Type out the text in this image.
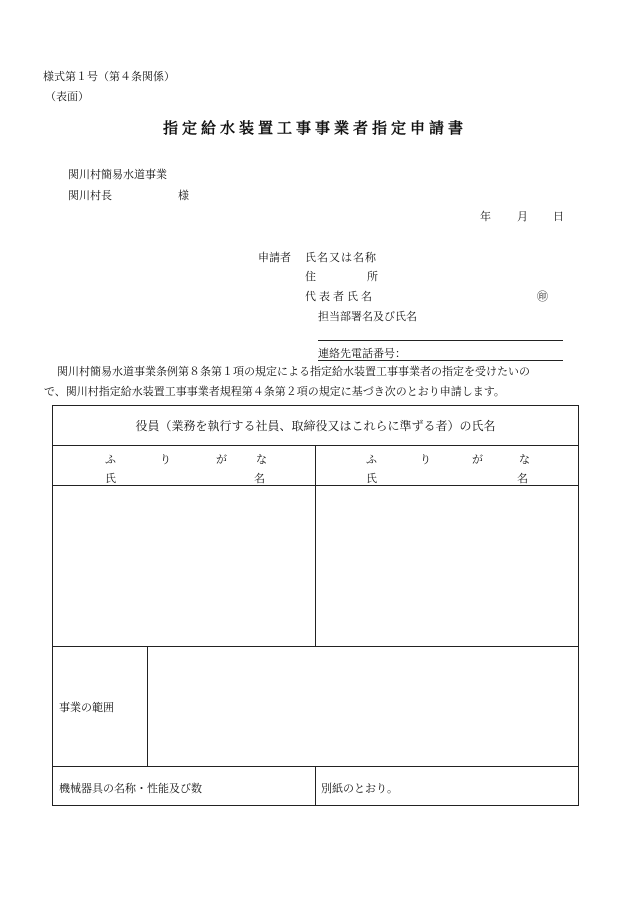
様式第１号（第４条関係）
（表面）
指定給水装置工事事業者指定申請書
関川村簡易水道事業
関川村長	様
年 月 日
申請者 氏名又は名称
住	所
代表者氏名	㊞
担当部署名及び氏名
連絡先電話番号：
関川村簡易水道事業条例第８条第１項の規定による指定給水装置工事事業者の指定を受けたいの
で、関川村指定給水装置工事事業者規程第４条第２項の規定に基づき次のとおり申請します。
役員（業務を執行する社員、取締役又はこれらに準ずる者）の氏名
ふ	り	が	な
氏	名
ふ	り	が	な
氏	名
事業の範囲
機械器具の名称・性能及び数	別紙のとおり。
